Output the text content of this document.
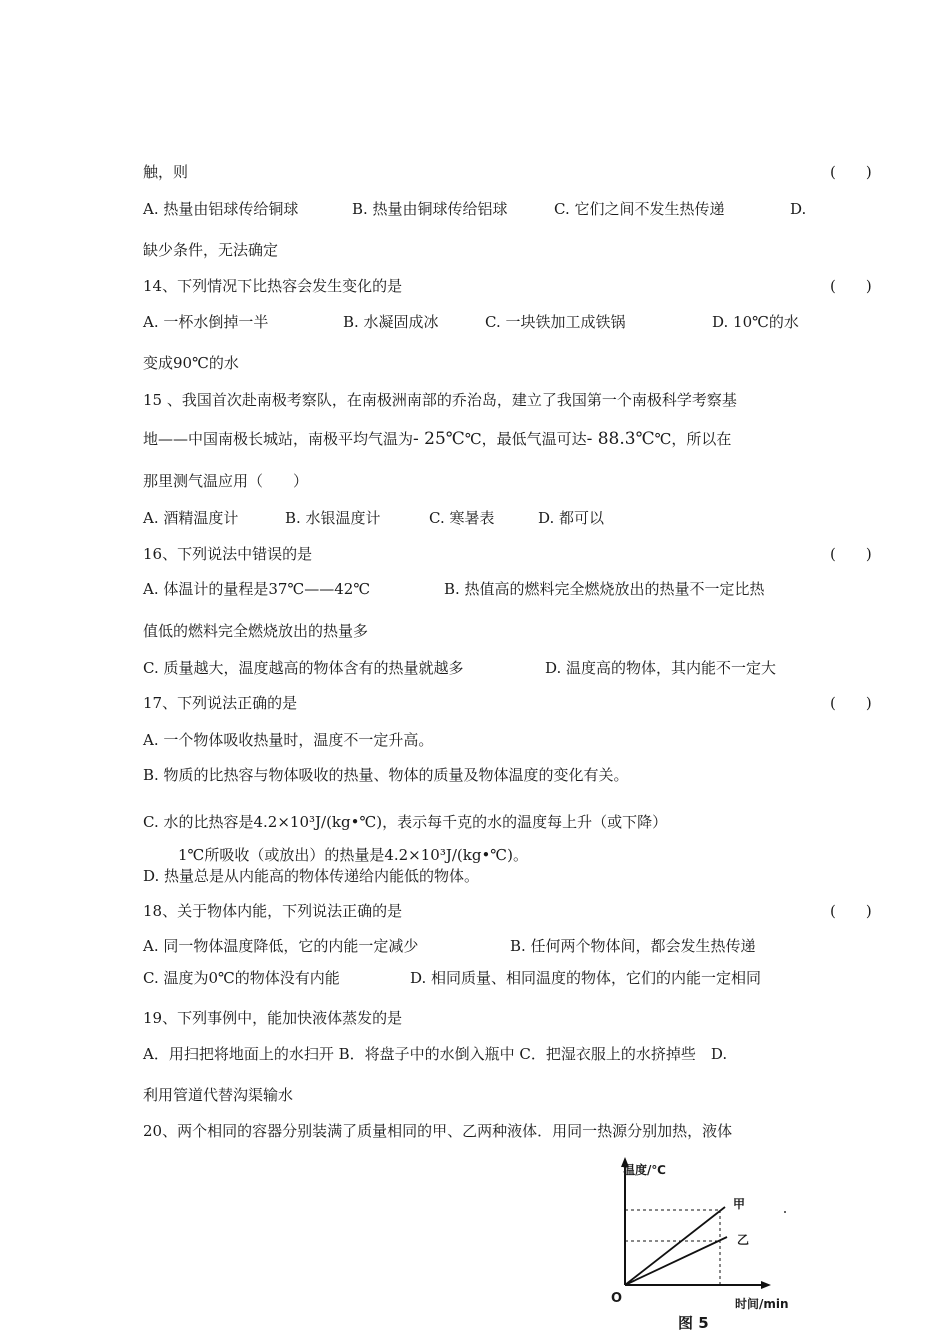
触，则	(　　)
A. 热量由铝球传给铜球	B. 热量由铜球传给铝球	C. 它们之间不发生热传递	D.
缺少条件，无法确定
14、下列情况下比热容会发生变化的是	(　　)
A. 一杯水倒掉一半	B. 水凝固成冰	C. 一块铁加工成铁锅	D. 10℃的水
变成90℃的水
15 、我国首次赴南极考察队，在南极洲南部的乔治岛，建立了我国第一个南极科学考察基
地——中国南极长城站，南极平均气温为- 25℃℃，最低气温可达- 88.3℃℃，所以在
那里测气温应用（　　）
A. 酒精温度计	B. 水银温度计	C. 寒暑表	D. 都可以
16、下列说法中错误的是	(　　)
A. 体温计的量程是37℃——42℃	B. 热值高的燃料完全燃烧放出的热量不一定比热
值低的燃料完全燃烧放出的热量多
C. 质量越大，温度越高的物体含有的热量就越多	D. 温度高的物体，其内能不一定大
17、下列说法正确的是	(　　)
A. 一个物体吸收热量时，温度不一定升高。
B. 物质的比热容与物体吸收的热量、物体的质量及物体温度的变化有关。
C. 水的比热容是4.2×10³J/(kg•℃)，表示每千克的水的温度每上升（或下降）
1℃所吸收（或放出）的热量是4.2×10³J/(kg•℃)。
D. 热量总是从内能高的物体传递给内能低的物体。
18、关于物体内能，下列说法正确的是	(　　)
A. 同一物体温度降低，它的内能一定减少	B. 任何两个物体间，都会发生热传递
C. 温度为0℃的物体没有内能	D. 相同质量、相同温度的物体，它们的内能一定相同
19、下列事例中，能加快液体蒸发的是
A．用扫把将地面上的水扫开 B．将盘子中的水倒入瓶中 C．把湿衣服上的水挤掉些　D.
利用管道代替沟渠输水
20、两个相同的容器分别装满了质量相同的甲、乙两种液体．用同一热源分别加热，液体
温度/℃
时间/min
O
甲
乙
图 5
